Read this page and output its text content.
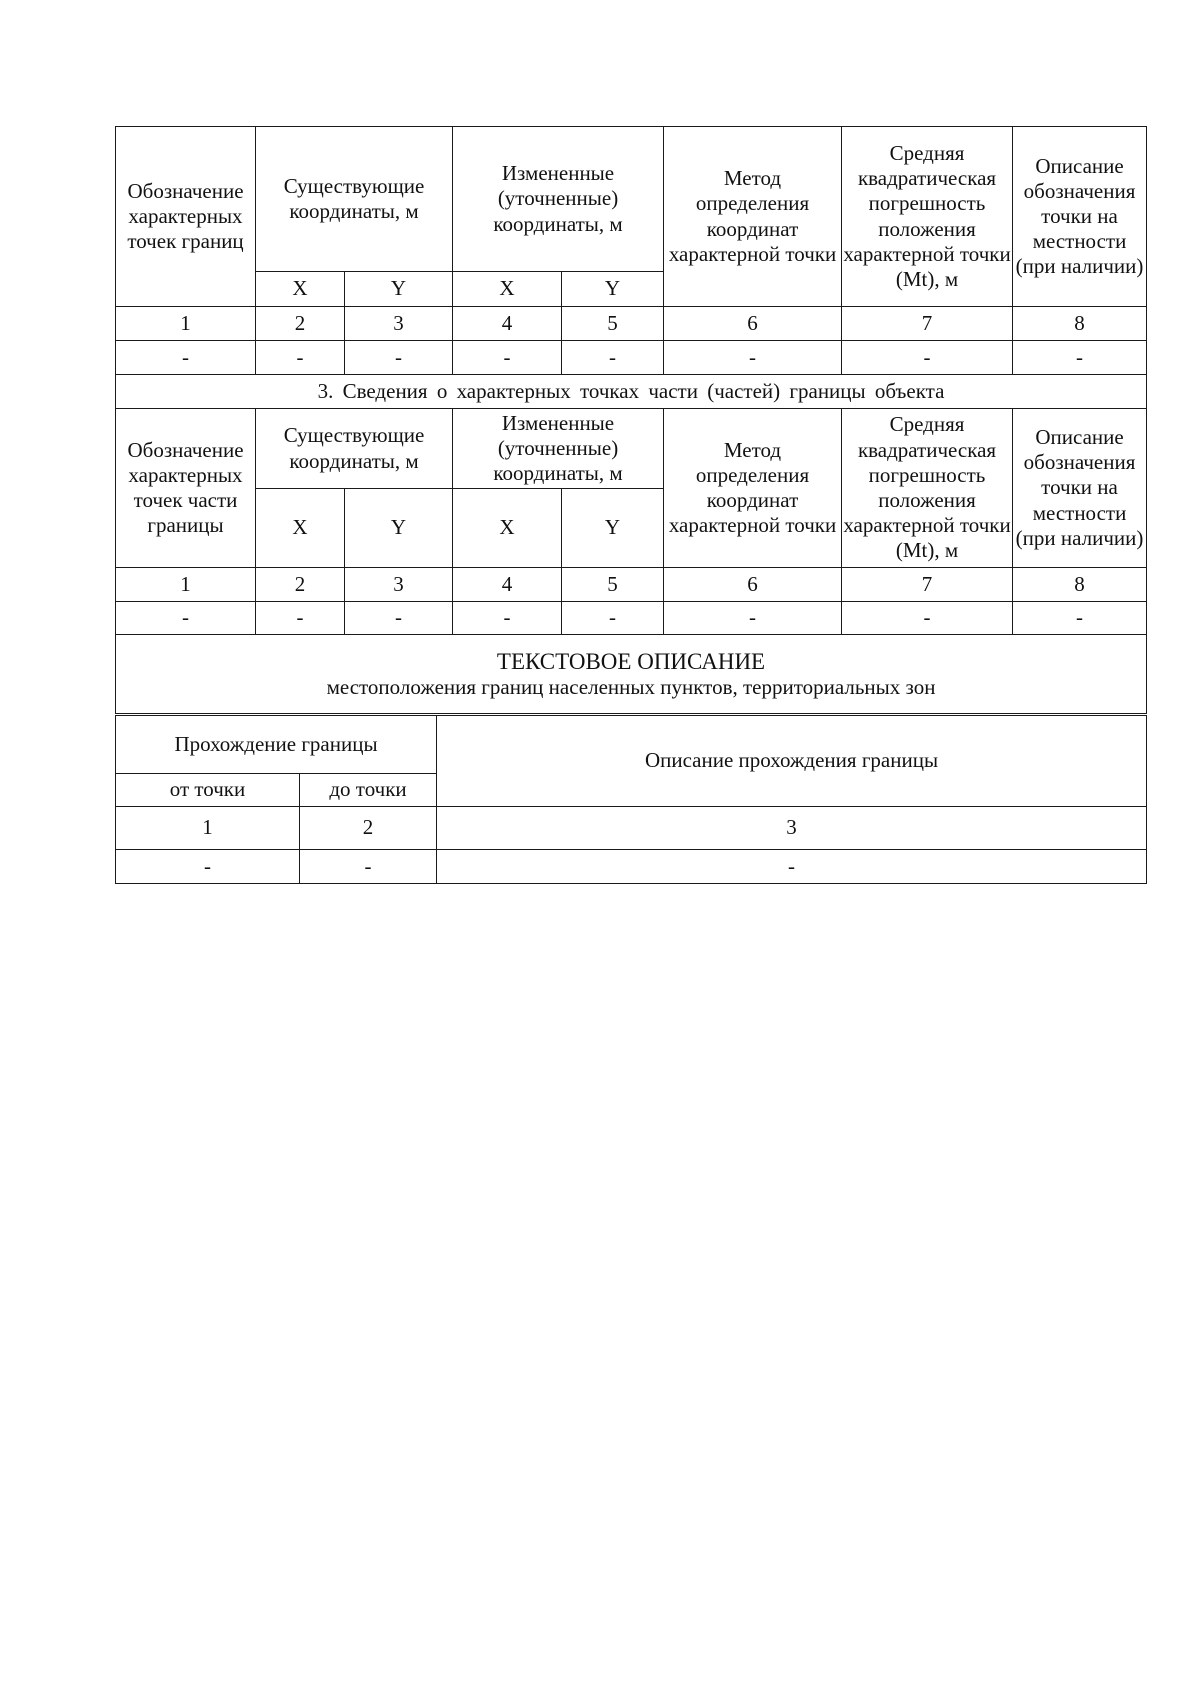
Обозначение характерных точек границ	Существующие координаты, м		Измененные (уточненные) координаты, м		Метод определения координат характерной точки	Средняя квадратическая погрешность положения характерной точки (Mt), м	Описание обозначения точки на местности (при наличии)
	X	Y	X	Y			
1	2	3	4	5	6	7	8
-	-	-	-	-	-	-	-
3. Сведения о характерных точках части (частей) границы объекта							
Обозначение характерных точек части границы	Существующие координаты, м		Измененные (уточненные) координаты, м		Метод определения координат характерной точки	Средняя квадратическая погрешность положения характерной точки (Mt), м	Описание обозначения точки на местности (при наличии)
	X	Y	X	Y			
1	2	3	4	5	6	7	8
-	-	-	-	-	-	-	-

ТЕКСТОВОЕ ОПИСАНИЕ
местоположения границ населенных пунктов, территориальных зон							
Прохождение границы		Описание прохождения границы
от точки	до точки	
1	2	3
-	-	-
